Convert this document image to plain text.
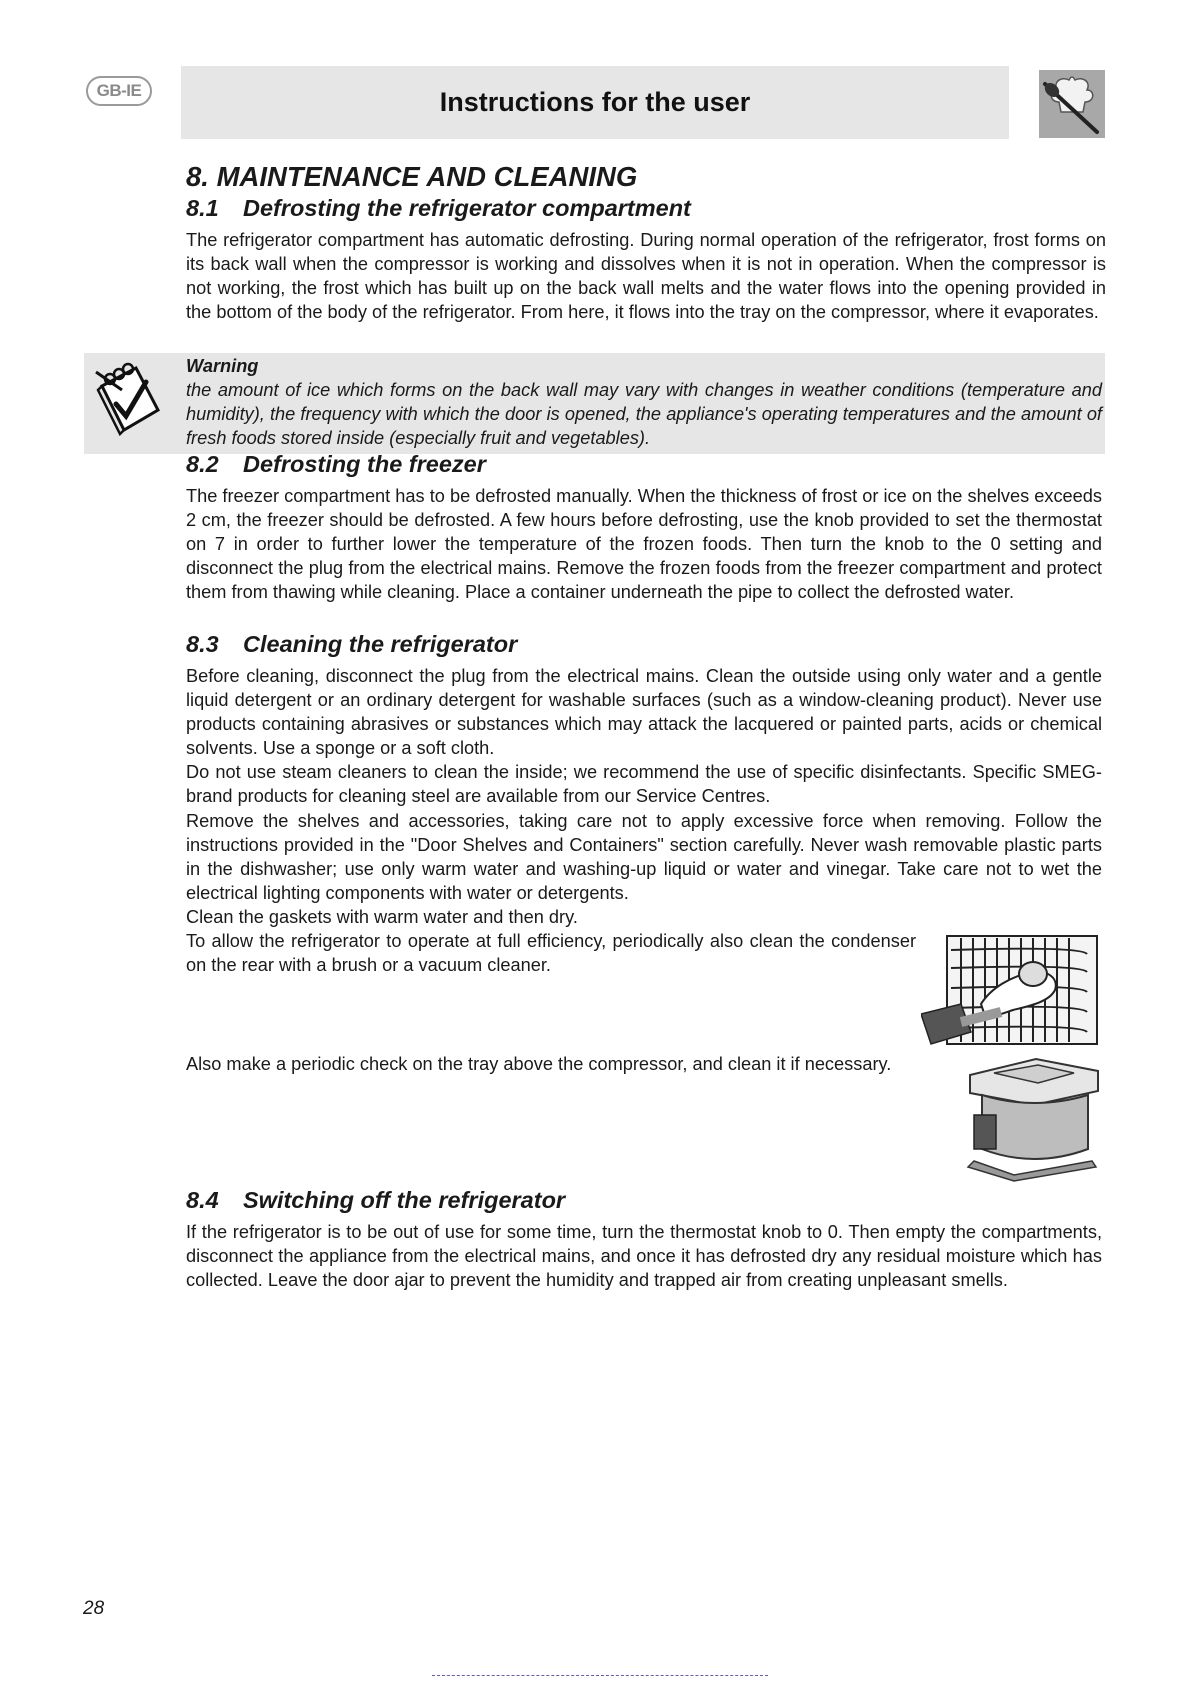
GB-IE	Instructions for the user

8. MAINTENANCE AND CLEANING

8.1 Defrosting the refrigerator compartment

The refrigerator compartment has automatic defrosting. During normal operation of the refrigerator, frost forms on its back wall when the compressor is working and dissolves when it is not in operation. When the compressor is not working, the frost which has built up on the back wall melts and the water flows into the opening provided in the bottom of the body of the refrigerator. From here, it flows into the tray on the compressor, where it evaporates.

Warning

the amount of ice which forms on the back wall may vary with changes in weather conditions (temperature and humidity), the frequency with which the door is opened, the appliance's operating temperatures and the amount of fresh foods stored inside (especially fruit and vegetables).

8.2 Defrosting the freezer

The freezer compartment has to be defrosted manually. When the thickness of frost or ice on the shelves exceeds 2 cm, the freezer should be defrosted. A few hours before defrosting, use the knob provided to set the thermostat on 7 in order to further lower the temperature of the frozen foods. Then turn the knob to the 0 setting and disconnect the plug from the electrical mains. Remove the frozen foods from the freezer compartment and protect them from thawing while cleaning. Place a container underneath the pipe to collect the defrosted water.

8.3 Cleaning the refrigerator

Before cleaning, disconnect the plug from the electrical mains. Clean the outside using only water and a gentle liquid detergent or an ordinary detergent for washable surfaces (such as a window-cleaning product). Never use products containing abrasives or substances which may attack the lacquered or painted parts, acids or chemical solvents. Use a sponge or a soft cloth.

Do not use steam cleaners to clean the inside; we recommend the use of specific disinfectants. Specific SMEG-brand products for cleaning steel are available from our Service Centres.

Remove the shelves and accessories, taking care not to apply excessive force when removing. Follow the instructions provided in the "Door Shelves and Containers" section carefully. Never wash removable plastic parts in the dishwasher; use only warm water and washing-up liquid or water and vinegar. Take care not to wet the electrical lighting components with water or detergents.

Clean the gaskets with warm water and then dry.

To allow the refrigerator to operate at full efficiency, periodically also clean the condenser on the rear with a brush or a vacuum cleaner.

Also make a periodic check on the tray above the compressor, and clean it if necessary.

8.4 Switching off the refrigerator

If the refrigerator is to be out of use for some time, turn the thermostat knob to 0. Then empty the compartments, disconnect the appliance from the electrical mains, and once it has defrosted dry any residual moisture which has collected. Leave the door ajar to prevent the humidity and trapped air from creating unpleasant smells.

28
